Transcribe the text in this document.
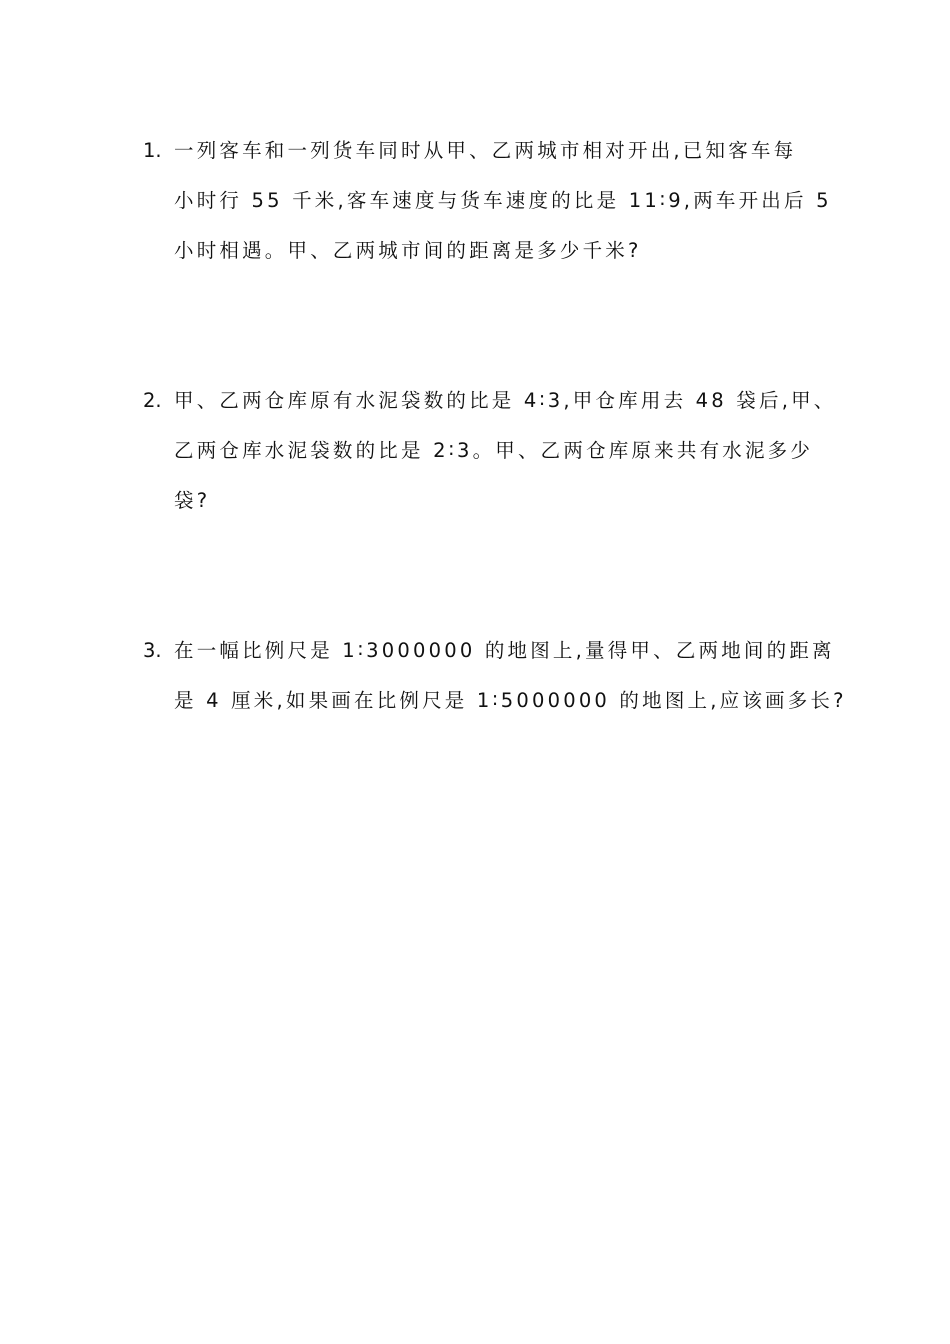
1. 一列客车和一列货车同时从甲、乙两城市相对开出,已知客车每
小时行 55 千米,客车速度与货车速度的比是 11∶9,两车开出后 5
小时相遇。甲、乙两城市间的距离是多少千米?
2. 甲、乙两仓库原有水泥袋数的比是 4∶3,甲仓库用去 48 袋后,甲、
乙两仓库水泥袋数的比是 2∶3。甲、乙两仓库原来共有水泥多少
袋?
3. 在一幅比例尺是 1∶3000000 的地图上,量得甲、乙两地间的距离
是 4 厘米,如果画在比例尺是 1∶5000000 的地图上,应该画多长?
